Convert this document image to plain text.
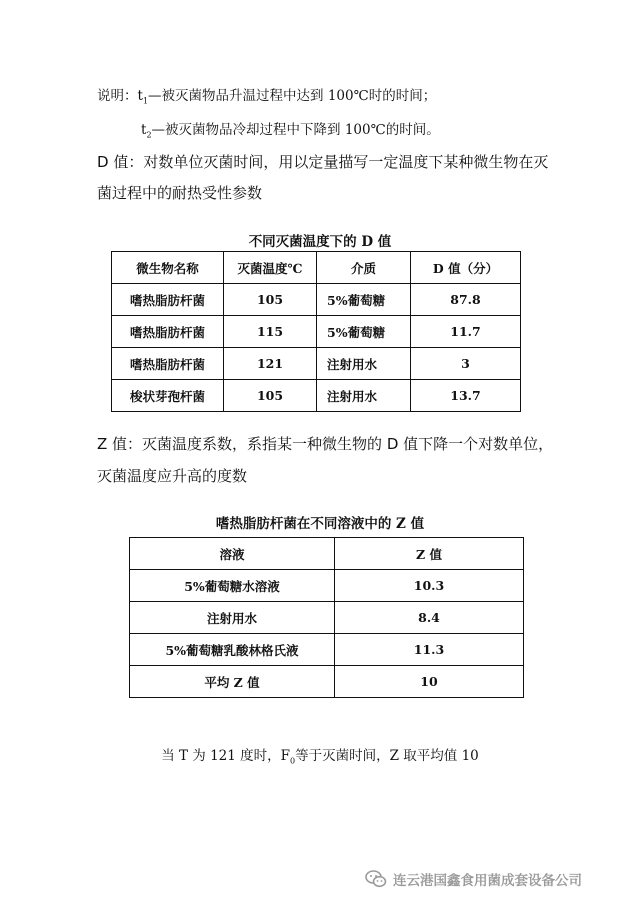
说明：$t_1—$被灭菌物品升温过程中达到 100℃时的时间；
$t_2—$被灭菌物品冷却过程中下降到 100℃的时间。
D 值：对数单位灭菌时间，用以定量描写一定温度下某种微生物在灭
菌过程中的耐热受性参数
不同灭菌温度下的 D 值
微生物名称	灭菌温度℃	介质	D 值（分）
嗜热脂肪杆菌	105	5%葡萄糖	87.8
嗜热脂肪杆菌	115	5%葡萄糖	11.7
嗜热脂肪杆菌	121	注射用水	3
梭状芽孢杆菌	105	注射用水	13.7
Z 值：灭菌温度系数，系指某一种微生物的 D 值下降一个对数单位，
灭菌温度应升高的度数
嗜热脂肪杆菌在不同溶液中的 Z 值
溶液	Z 值
5%葡萄糖水溶液	10.3
注射用水	8.4
5%葡萄糖乳酸林格氏液	11.3
平均 Z 值	10
当 T 为 121 度时，$F_0$等于灭菌时间，Z 取平均值 10
连云港国鑫食用菌成套设备公司
